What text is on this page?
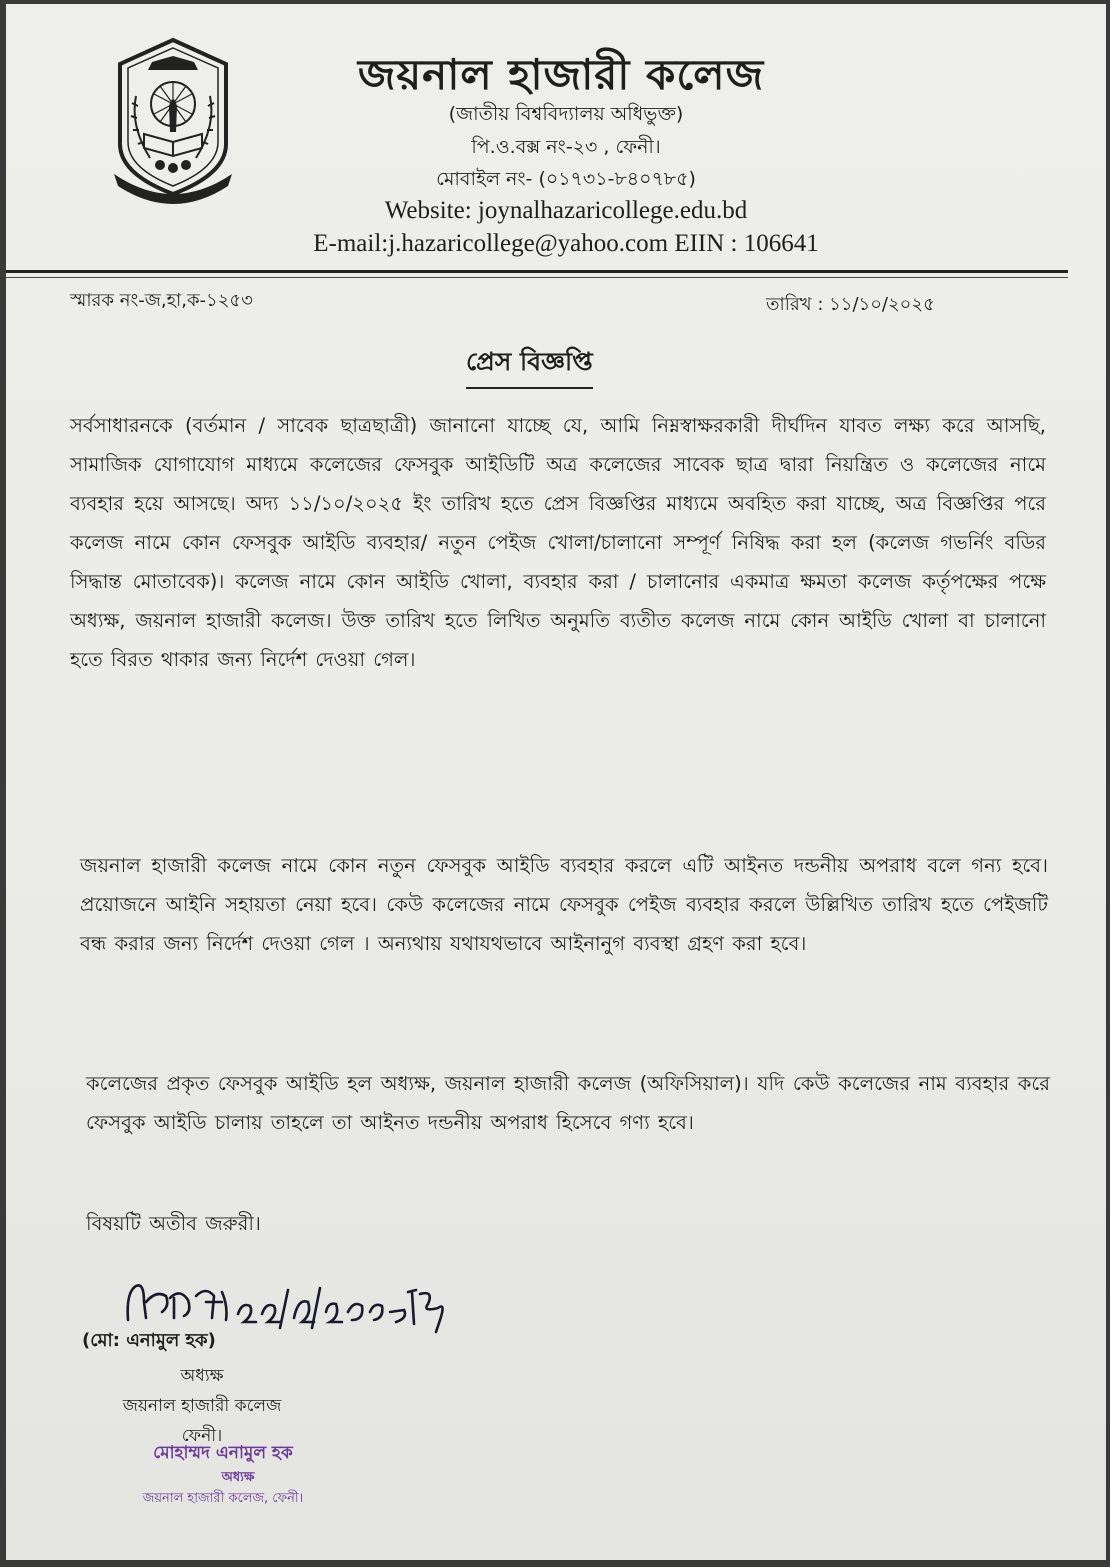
জয়নাল হাজারী কলেজ
(জাতীয় বিশ্ববিদ্যালয় অধিভুক্ত)
পি.ও.বক্স নং-২৩ , ফেনী।
মোবাইল নং- (০১৭৩১-৮৪০৭৮৫)
Website: joynalhazaricollege.edu.bd
E-mail:j.hazaricollege@yahoo.com EIIN : 106641
স্মারক নং-জ,হা,ক-১২৫৩	তারিখ : ১১/১০/২০২৫
প্রেস বিজ্ঞপ্তি
সর্বসাধারনকে (বর্তমান / সাবেক ছাত্রছাত্রী) জানানো যাচ্ছে যে, আমি নিম্নস্বাক্ষরকারী দীর্ঘদিন যাবত লক্ষ্য করে আসছি, সামাজিক যোগাযোগ মাধ্যমে কলেজের ফেসবুক আইডিটি অত্র কলেজের সাবেক ছাত্র দ্বারা নিয়ন্ত্রিত ও কলেজের নামে ব্যবহার হয়ে আসছে। অদ্য ১১/১০/২০২৫ ইং তারিখ হতে প্রেস বিজ্ঞপ্তির মাধ্যমে অবহিত করা যাচ্ছে, অত্র বিজ্ঞপ্তির পরে কলেজ নামে কোন ফেসবুক আইডি ব্যবহার/ নতুন পেইজ খোলা/চালানো সম্পূর্ণ নিষিদ্ধ করা হল (কলেজ গভর্নিং বডির সিদ্ধান্ত মোতাবেক)। কলেজ নামে কোন আইডি খোলা, ব্যবহার করা / চালানোর একমাত্র ক্ষমতা কলেজ কর্তৃপক্ষের পক্ষে অধ্যক্ষ, জয়নাল হাজারী কলেজ। উক্ত তারিখ হতে লিখিত অনুমতি ব্যতীত কলেজ নামে কোন আইডি খোলা বা চালানো হতে বিরত থাকার জন্য নির্দেশ দেওয়া গেল।
জয়নাল হাজারী কলেজ নামে কোন নতুন ফেসবুক আইডি ব্যবহার করলে এটি আইনত দন্ডনীয় অপরাধ বলে গন্য হবে। প্রয়োজনে আইনি সহায়তা নেয়া হবে। কেউ কলেজের নামে ফেসবুক পেইজ ব্যবহার করলে উল্লিখিত তারিখ হতে পেইজটি বন্ধ করার জন্য নির্দেশ দেওয়া গেল । অন্যথায় যথাযথভাবে আইনানুগ ব্যবস্থা গ্রহণ করা হবে।
কলেজের প্রকৃত ফেসবুক আইডি হল অধ্যক্ষ, জয়নাল হাজারী কলেজ (অফিসিয়াল)। যদি কেউ কলেজের নাম ব্যবহার করে ফেসবুক আইডি চালায় তাহলে তা আইনত দন্ডনীয় অপরাধ হিসেবে গণ্য হবে।
বিষয়টি অতীব জরুরী।
(মো: এনামুল হক)
অধ্যক্ষ
জয়নাল হাজারী কলেজ
ফেনী।
মোহাম্মদ এনামুল হক
অধ্যক্ষ
জয়নাল হাজারী কলেজ, ফেনী।
